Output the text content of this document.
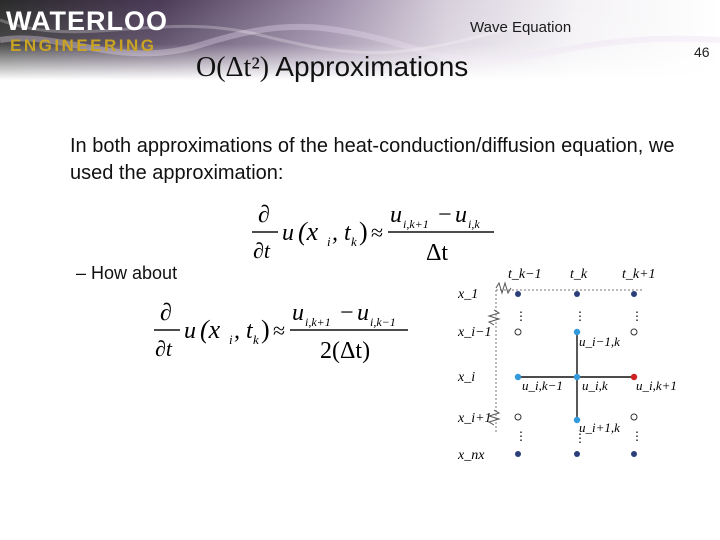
WATERLOO
ENGINEERING
Wave Equation
46
O(Δt²) Approximations
In both approximations of the heat-conduction/diffusion equation, we used the approximation:
∂
∂t
u (x i , t k ) ≈
u i,k+1 − u i,k
Δt
– How about
∂
∂t
u (x i , t k ) ≈
u i,k+1 − u i,k−1
2(Δt)
t_k−1 t_k t_k+1
x_1
x_i−1
x_i
x_i+1
x_nx
⋮	⋮	⋮
u_i−1,k
u_i,k−1 u_i,k u_i,k+1
u_i+1,k
⋮	⋮	⋮
